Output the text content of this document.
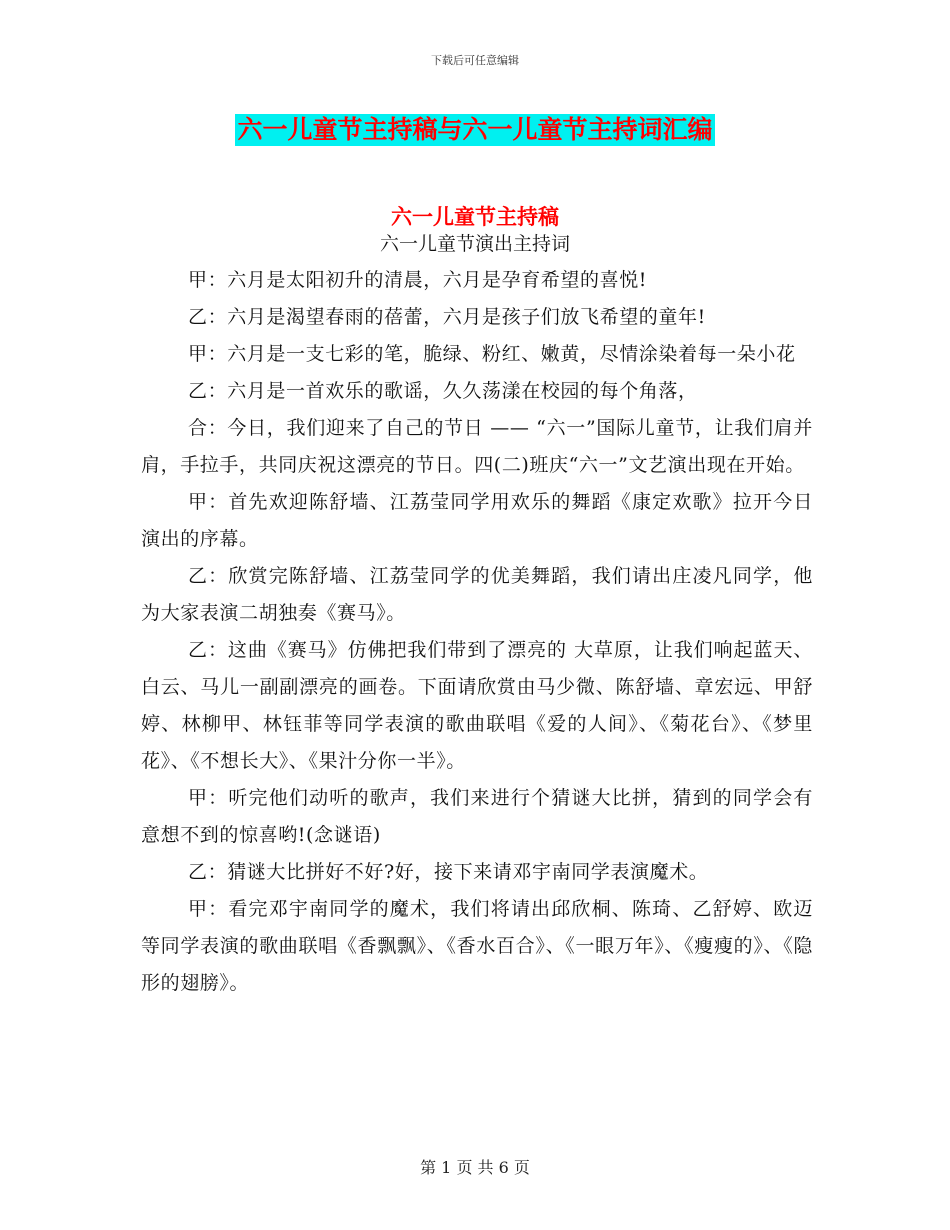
下载后可任意编辑
六一儿童节主持稿与六一儿童节主持词汇编
六一儿童节主持稿
六一儿童节演出主持词

甲：六月是太阳初升的清晨，六月是孕育希望的喜悦!

乙：六月是渴望春雨的蓓蕾，六月是孩子们放飞希望的童年!

甲：六月是一支七彩的笔，脆绿、粉红、嫩黄，尽情涂染着每一朵小花

乙：六月是一首欢乐的歌谣，久久荡漾在校园的每个角落，

合：今日，我们迎来了自己的节日 —— “六一”国际儿童节，让我们肩并肩，手拉手，共同庆祝这漂亮的节日。四(二)班庆“六一”文艺演出现在开始。

甲：首先欢迎陈舒墙、江荔莹同学用欢乐的舞蹈《康定欢歌》拉开今日演出的序幕。

乙：欣赏完陈舒墙、江荔莹同学的优美舞蹈，我们请出庄凌凡同学，他为大家表演二胡独奏《赛马》。

乙：这曲《赛马》仿佛把我们带到了漂亮的 大草原，让我们响起蓝天、白云、马儿一副副漂亮的画卷。下面请欣赏由马少微、陈舒墙、章宏远、甲舒婷、林柳甲、林钰菲等同学表演的歌曲联唱《爱的人间》、《菊花台》、《梦里花》、《不想长大》、《果汁分你一半》。

甲：听完他们动听的歌声，我们来进行个猜谜大比拼，猜到的同学会有意想不到的惊喜哟!(念谜语)

乙：猜谜大比拼好不好?好，接下来请邓宇南同学表演魔术。

甲：看完邓宇南同学的魔术，我们将请出邱欣桐、陈琦、乙舒婷、欧迈等同学表演的歌曲联唱《香飘飘》、《香水百合》、《一眼万年》、《瘦瘦的》、《隐形的翅膀》。

第 1 页 共 6 页
